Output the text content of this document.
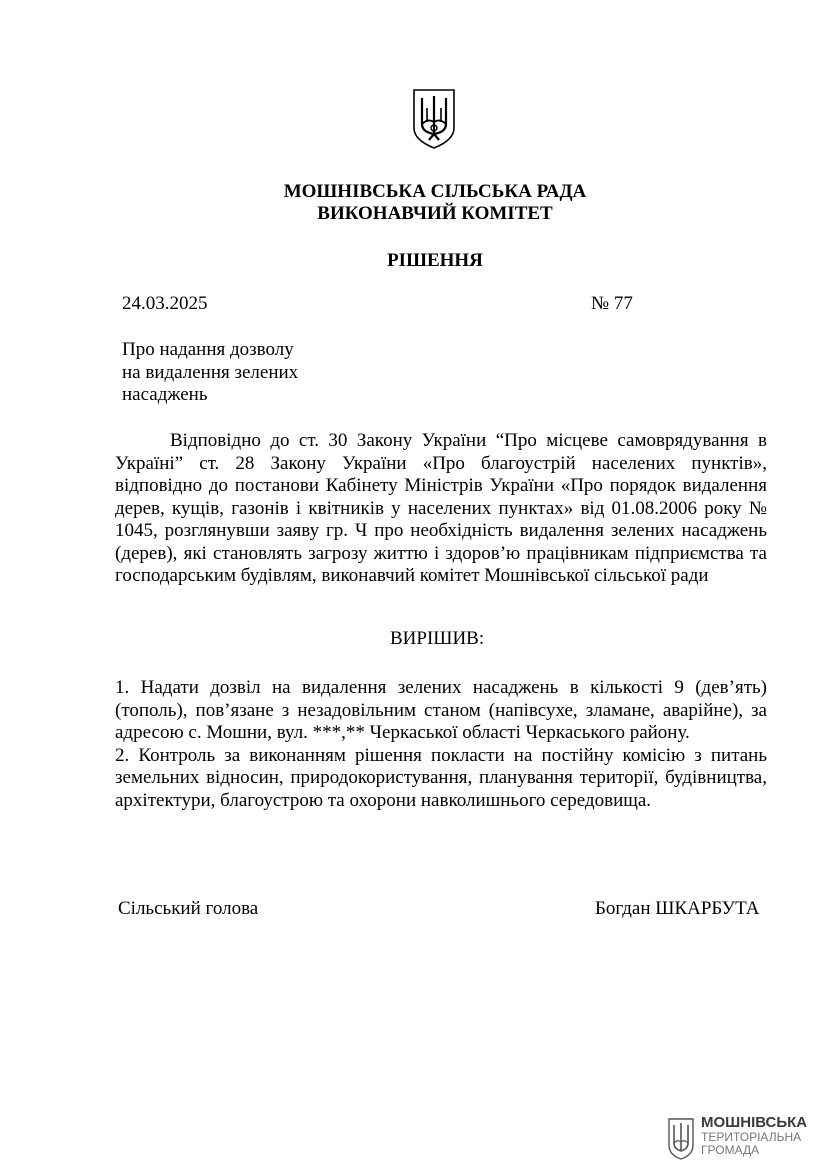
МОШНІВСЬКА СІЛЬСЬКА РАДА
ВИКОНАВЧИЙ КОМІТЕТ
РІШЕННЯ
24.03.2025	№ 77
Про надання дозволу
на видалення зелених
насаджень
Відповідно до ст. 30 Закону України “Про місцеве самоврядування в Україні” ст. 28 Закону України «Про благоустрій населених пунктів», відповідно до постанови Кабінету Міністрів України «Про порядок видалення дерев, кущів, газонів і квітників у населених пунктах» від 01.08.2006 року № 1045, розглянувши заяву гр. Ч про необхідність видалення зелених насаджень (дерев), які становлять загрозу життю і здоров’ю працівникам підприємства та господарським будівлям, виконавчий комітет Мошнівської сільської ради
ВИРІШИВ:
1. Надати дозвіл на видалення зелених насаджень в кількості 9 (дев’ять) (тополь), пов’язане з незадовільним станом (напівсухе, зламане, аварійне), за адресою с. Мошни, вул. ***,** Черкаської області Черкаського району.
2. Контроль за виконанням рішення покласти на постійну комісію з питань земельних відносин, природокористування, планування території, будівництва, архітектури, благоустрою та охорони навколишнього середовища.
Сільський голова	Богдан ШКАРБУТА
МОШНІВСЬКА
ТЕРИТОРІАЛЬНА
ГРОМАДА
